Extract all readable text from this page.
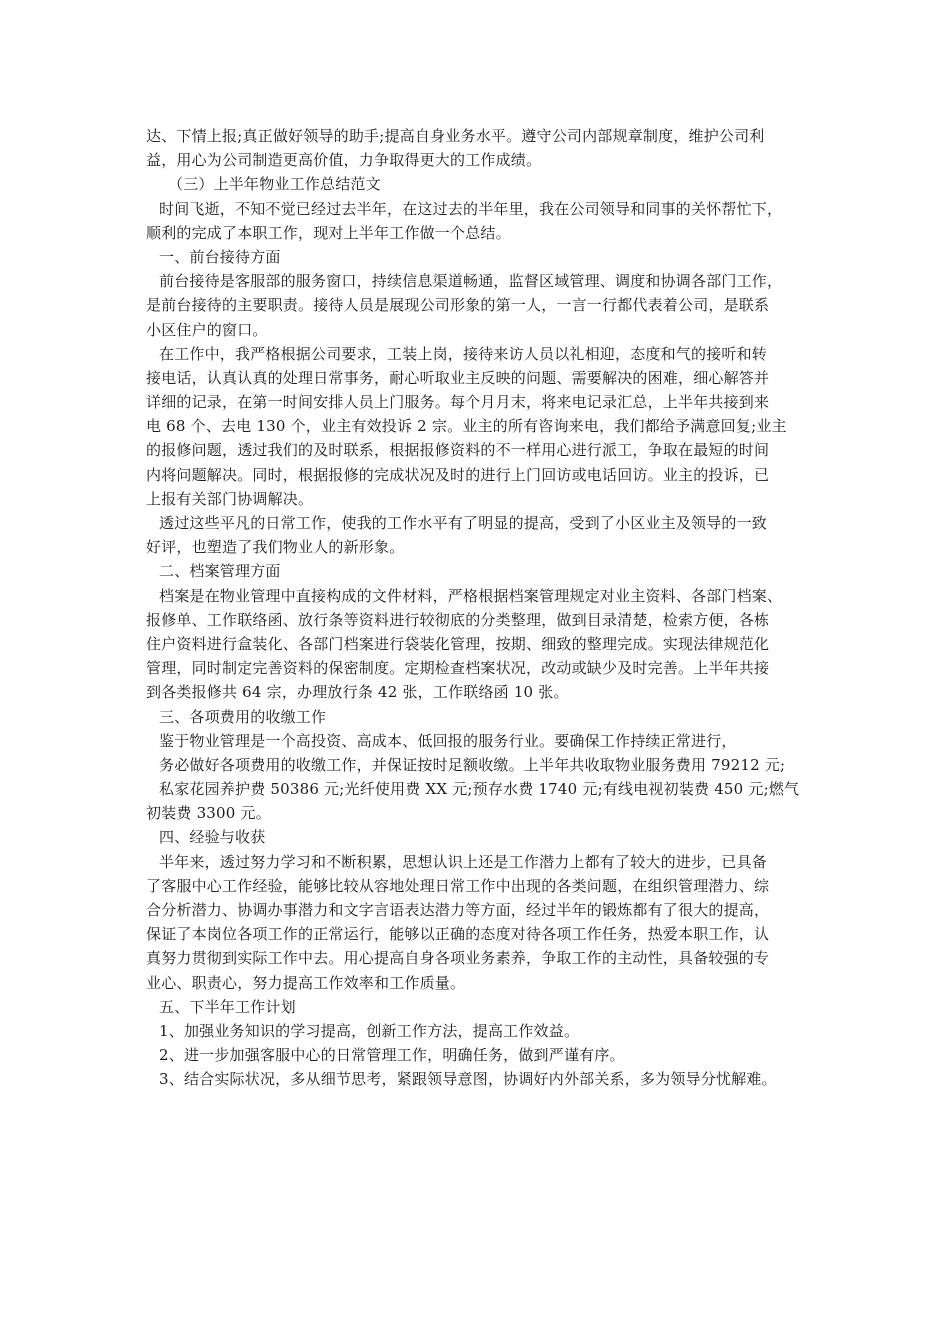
达、下情上报;真正做好领导的助手;提高自身业务水平。遵守公司内部规章制度，维护公司利
益，用心为公司制造更高价值，力争取得更大的工作成绩。
（三）上半年物业工作总结范文
时间飞逝，不知不觉已经过去半年，在这过去的半年里，我在公司领导和同事的关怀帮忙下，
顺利的完成了本职工作，现对上半年工作做一个总结。
一、前台接待方面
前台接待是客服部的服务窗口，持续信息渠道畅通，监督区域管理、调度和协调各部门工作，
是前台接待的主要职责。接待人员是展现公司形象的第一人，一言一行都代表着公司，是联系
小区住户的窗口。
在工作中，我严格根据公司要求，工装上岗，接待来访人员以礼相迎，态度和气的接听和转
接电话，认真认真的处理日常事务，耐心听取业主反映的问题、需要解决的困难，细心解答并
详细的记录，在第一时间安排人员上门服务。每个月月末，将来电记录汇总，上半年共接到来
电 68 个、去电 130 个，业主有效投诉 2 宗。业主的所有咨询来电，我们都给予满意回复;业主
的报修问题，透过我们的及时联系，根据报修资料的不一样用心进行派工，争取在最短的时间
内将问题解决。同时，根据报修的完成状况及时的进行上门回访或电话回访。业主的投诉，已
上报有关部门协调解决。
透过这些平凡的日常工作，使我的工作水平有了明显的提高，受到了小区业主及领导的一致
好评，也塑造了我们物业人的新形象。
二、档案管理方面
档案是在物业管理中直接构成的文件材料，严格根据档案管理规定对业主资料、各部门档案、
报修单、工作联络函、放行条等资料进行较彻底的分类整理，做到目录清楚，检索方便，各栋
住户资料进行盒装化、各部门档案进行袋装化管理，按期、细致的整理完成。实现法律规范化
管理，同时制定完善资料的保密制度。定期检查档案状况，改动或缺少及时完善。上半年共接
到各类报修共 64 宗，办理放行条 42 张，工作联络函 10 张。
三、各项费用的收缴工作
鉴于物业管理是一个高投资、高成本、低回报的服务行业。要确保工作持续正常进行，
务必做好各项费用的收缴工作，并保证按时足额收缴。上半年共收取物业服务费用 79212 元;
私家花园养护费 50386 元;光纤使用费 XX 元;预存水费 1740 元;有线电视初装费 450 元;燃气
初装费 3300 元。
四、经验与收获
半年来，透过努力学习和不断积累，思想认识上还是工作潜力上都有了较大的进步，已具备
了客服中心工作经验，能够比较从容地处理日常工作中出现的各类问题，在组织管理潜力、综
合分析潜力、协调办事潜力和文字言语表达潜力等方面，经过半年的锻炼都有了很大的提高，
保证了本岗位各项工作的正常运行，能够以正确的态度对待各项工作任务，热爱本职工作，认
真努力贯彻到实际工作中去。用心提高自身各项业务素养，争取工作的主动性，具备较强的专
业心、职责心，努力提高工作效率和工作质量。
五、下半年工作计划
1、加强业务知识的学习提高，创新工作方法，提高工作效益。
2、进一步加强客服中心的日常管理工作，明确任务，做到严谨有序。
3、结合实际状况，多从细节思考，紧跟领导意图，协调好内外部关系，多为领导分忧解难。
